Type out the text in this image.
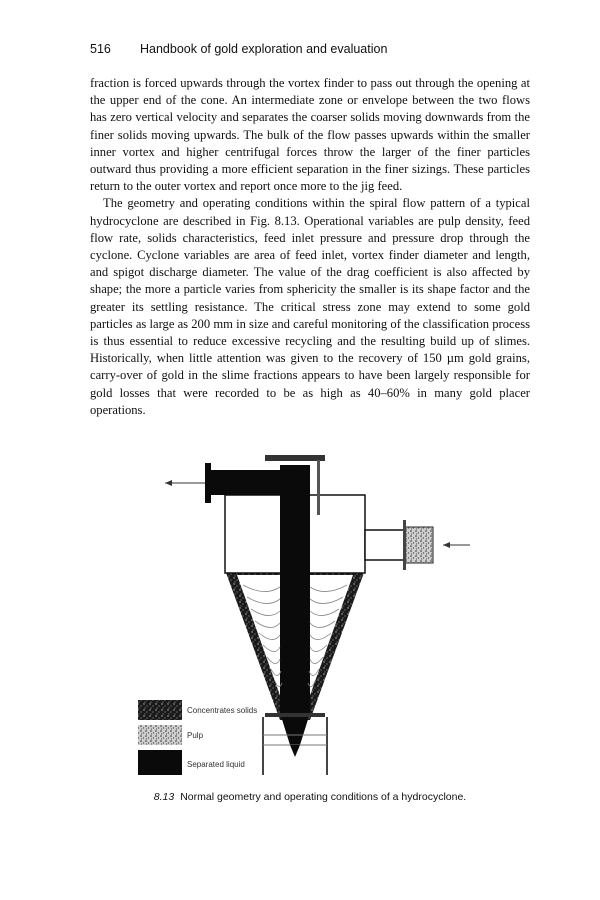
516 Handbook of gold exploration and evaluation

fraction is forced upwards through the vortex finder to pass out through the opening at the upper end of the cone. An intermediate zone or envelope between the two flows has zero vertical velocity and separates the coarser solids moving downwards from the finer solids moving upwards. The bulk of the flow passes upwards within the smaller inner vortex and higher centrifugal forces throw the larger of the finer particles outward thus providing a more efficient separation in the finer sizings. These particles return to the outer vortex and report once more to the jig feed.

The geometry and operating conditions within the spiral flow pattern of a typical hydrocyclone are described in Fig. 8.13. Operational variables are pulp density, feed flow rate, solids characteristics, feed inlet pressure and pressure drop through the cyclone. Cyclone variables are area of feed inlet, vortex finder diameter and length, and spigot discharge diameter. The value of the drag coefficient is also affected by shape; the more a particle varies from sphericity the smaller is its shape factor and the greater its settling resistance. The critical stress zone may extend to some gold particles as large as 200 mm in size and careful monitoring of the classification process is thus essential to reduce excessive recycling and the resulting build up of slimes. Historically, when little attention was given to the recovery of 150 µm gold grains, carry-over of gold in the slime fractions appears to have been largely responsible for gold losses that were recorded to be as high as 40–60% in many gold placer operations.

Concentrates solids
Pulp
Separated liquid
8.13 Normal geometry and operating conditions of a hydrocyclone.
